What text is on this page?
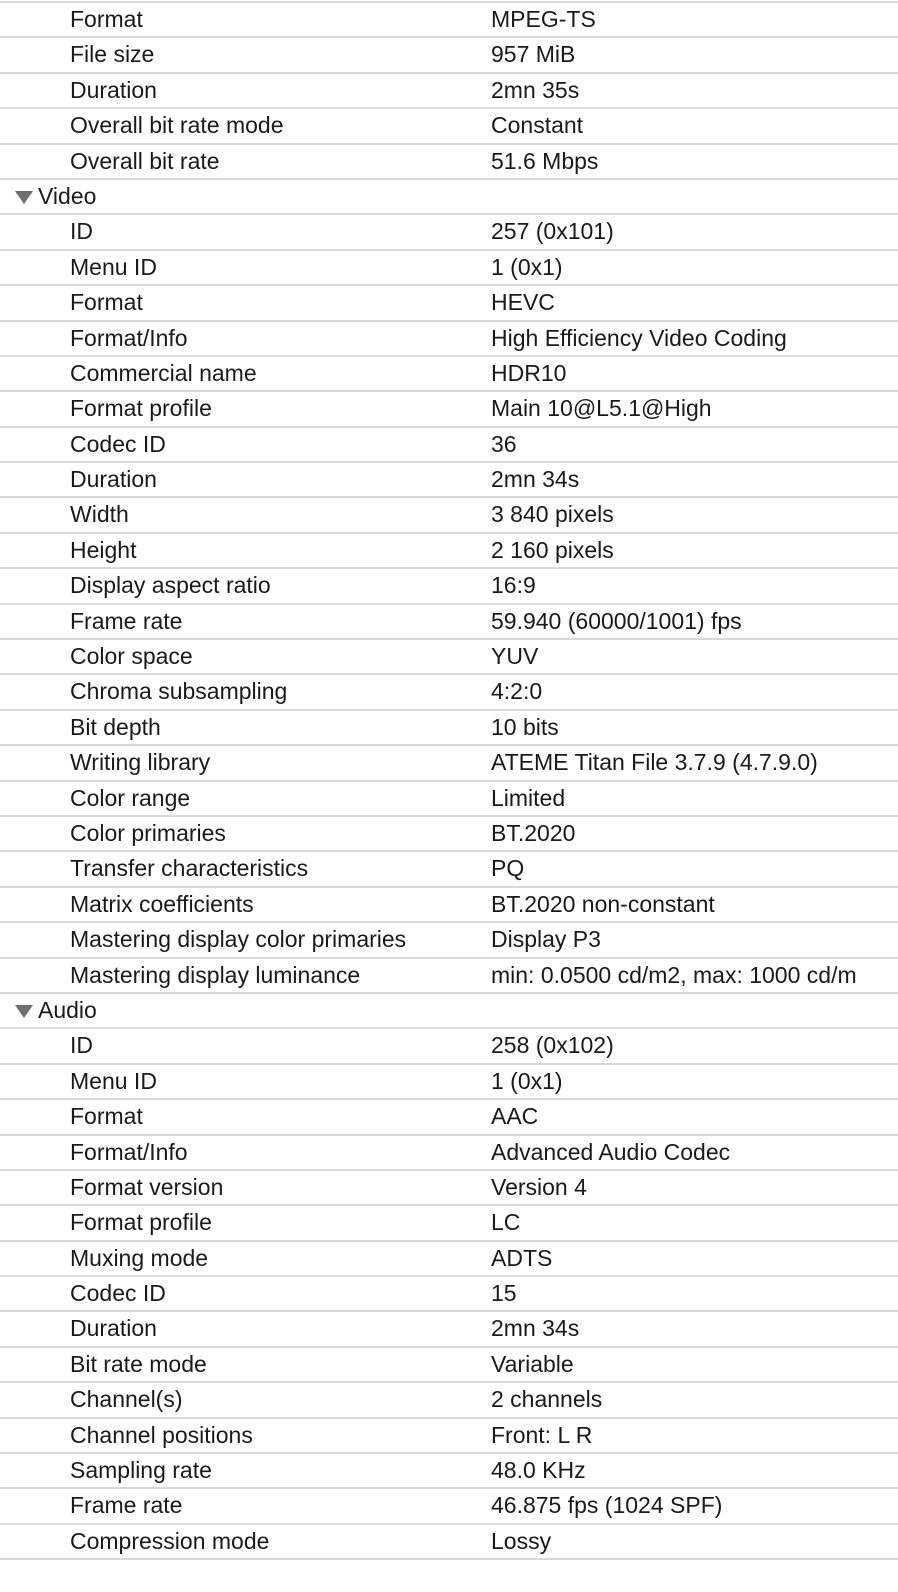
Format	MPEG-TS
File size	957 MiB
Duration	2mn 35s
Overall bit rate mode	Constant
Overall bit rate	51.6 Mbps
Video
ID	257 (0x101)
Menu ID	1 (0x1)
Format	HEVC
Format/Info	High Efficiency Video Coding
Commercial name	HDR10
Format profile	Main 10@L5.1@High
Codec ID	36
Duration	2mn 34s
Width	3 840 pixels
Height	2 160 pixels
Display aspect ratio	16:9
Frame rate	59.940 (60000/1001) fps
Color space	YUV
Chroma subsampling	4:2:0
Bit depth	10 bits
Writing library	ATEME Titan File 3.7.9 (4.7.9.0)
Color range	Limited
Color primaries	BT.2020
Transfer characteristics	PQ
Matrix coefficients	BT.2020 non-constant
Mastering display color primaries	Display P3
Mastering display luminance	min: 0.0500 cd/m2, max: 1000 cd/m
Audio
ID	258 (0x102)
Menu ID	1 (0x1)
Format	AAC
Format/Info	Advanced Audio Codec
Format version	Version 4
Format profile	LC
Muxing mode	ADTS
Codec ID	15
Duration	2mn 34s
Bit rate mode	Variable
Channel(s)	2 channels
Channel positions	Front: L R
Sampling rate	48.0 KHz
Frame rate	46.875 fps (1024 SPF)
Compression mode	Lossy
